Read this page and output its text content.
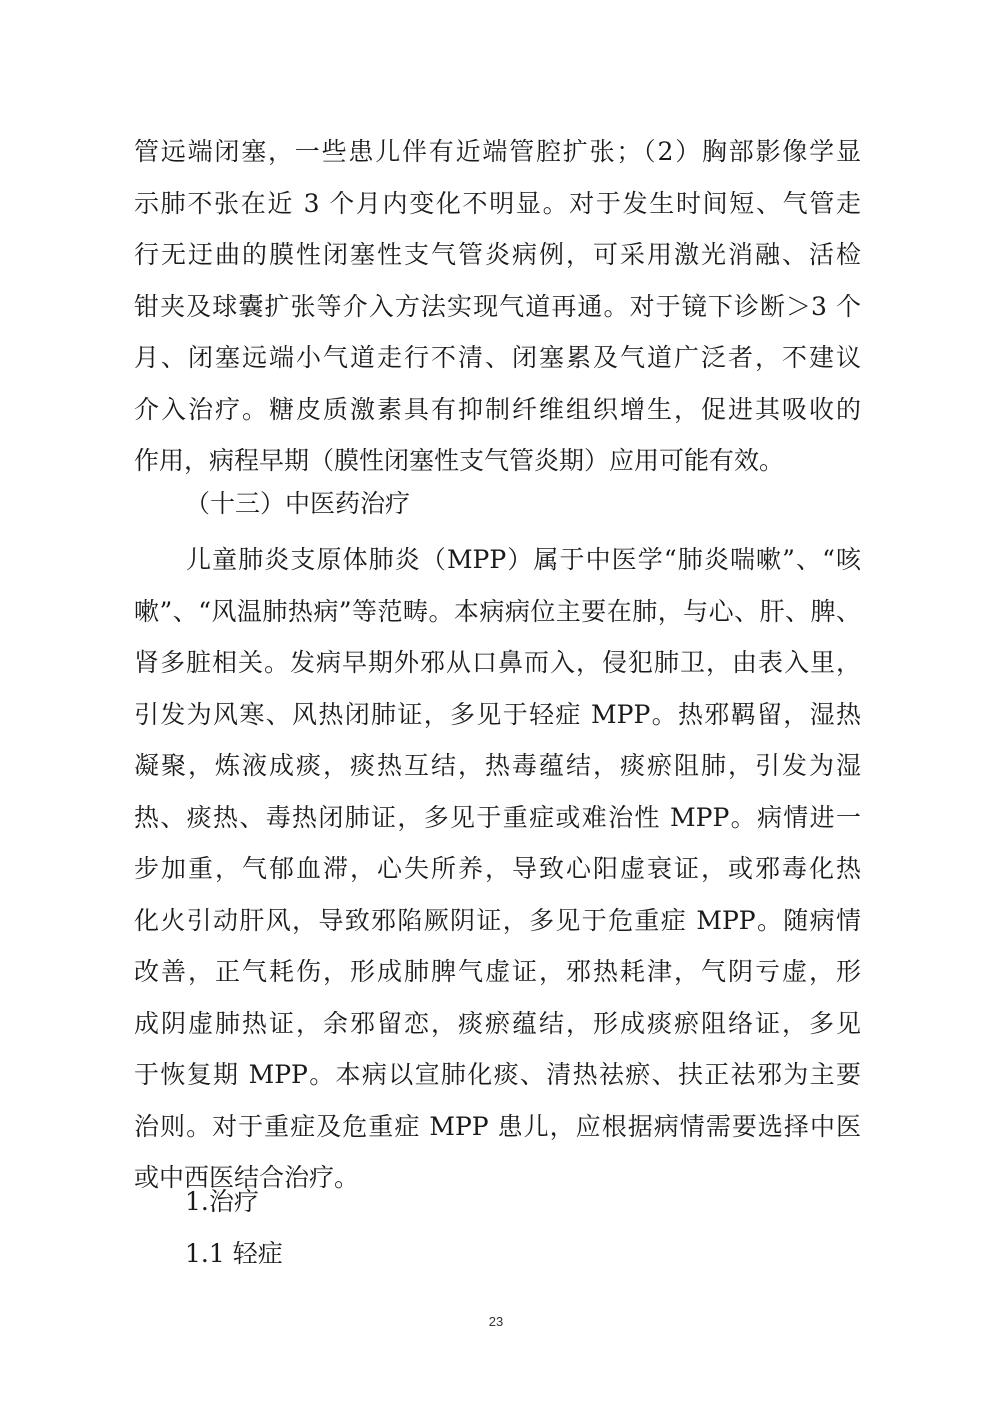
管远端闭塞，一些患儿伴有近端管腔扩张；（2）胸部影像学显
示肺不张在近 3 个月内变化不明显。对于发生时间短、气管走
行无迂曲的膜性闭塞性支气管炎病例，可采用激光消融、活检
钳夹及球囊扩张等介入方法实现气道再通。对于镜下诊断＞3 个
月、闭塞远端小气道走行不清、闭塞累及气道广泛者，不建议
介入治疗。糖皮质激素具有抑制纤维组织增生，促进其吸收的
作用，病程早期（膜性闭塞性支气管炎期）应用可能有效。
（十三）中医药治疗
儿童肺炎支原体肺炎（MPP）属于中医学“肺炎喘嗽”、“咳
嗽”、“风温肺热病”等范畴。本病病位主要在肺，与心、肝、脾、
肾多脏相关。发病早期外邪从口鼻而入，侵犯肺卫，由表入里，
引发为风寒、风热闭肺证，多见于轻症 MPP。热邪羁留，湿热
凝聚，炼液成痰，痰热互结，热毒蕴结，痰瘀阻肺，引发为湿
热、痰热、毒热闭肺证，多见于重症或难治性 MPP。病情进一
步加重，气郁血滞，心失所养，导致心阳虚衰证，或邪毒化热
化火引动肝风，导致邪陷厥阴证，多见于危重症 MPP。随病情
改善，正气耗伤，形成肺脾气虚证，邪热耗津，气阴亏虚，形
成阴虚肺热证，余邪留恋，痰瘀蕴结，形成痰瘀阻络证，多见
于恢复期 MPP。本病以宣肺化痰、清热祛瘀、扶正祛邪为主要
治则。对于重症及危重症 MPP 患儿，应根据病情需要选择中医
或中西医结合治疗。
1.治疗
1.1 轻症
23
